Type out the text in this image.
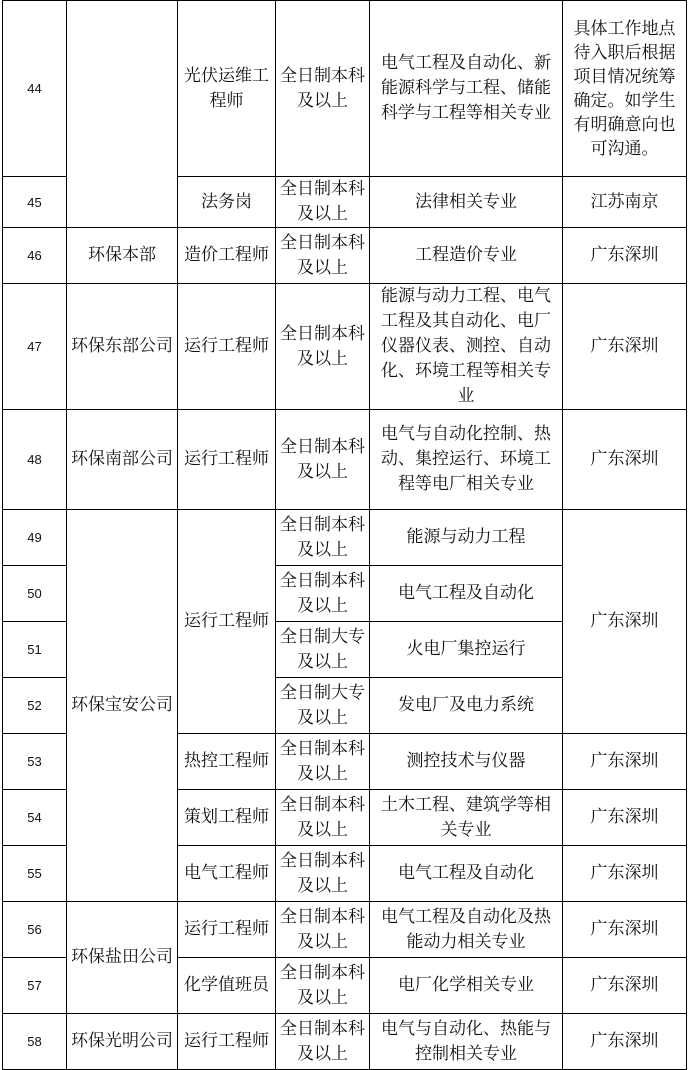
44		光伏运维工程师	全日制本科及以上	电气工程及自动化、新能源科学与工程、储能科学与工程等相关专业	具体工作地点待入职后根据项目情况统筹确定。如学生有明确意向也可沟通。
45		法务岗	全日制本科及以上	法律相关专业	江苏南京
46	环保本部	造价工程师	全日制本科及以上	工程造价专业	广东深圳
47	环保东部公司	运行工程师	全日制本科及以上	能源与动力工程、电气工程及其自动化、电厂仪器仪表、测控、自动化、环境工程等相关专业	广东深圳
48	环保南部公司	运行工程师	全日制本科及以上	电气与自动化控制、热动、集控运行、环境工程等电厂相关专业	广东深圳
49	环保宝安公司	运行工程师	全日制本科及以上	能源与动力工程	广东深圳
50			全日制本科及以上	电气工程及自动化	
51			全日制大专及以上	火电厂集控运行	
52			全日制大专及以上	发电厂及电力系统	
53		热控工程师	全日制本科及以上	测控技术与仪器	广东深圳
54		策划工程师	全日制本科及以上	土木工程、建筑学等相关专业	广东深圳
55		电气工程师	全日制本科及以上	电气工程及自动化	广东深圳
56	环保盐田公司	运行工程师	全日制本科及以上	电气工程及自动化及热能动力相关专业	广东深圳
57		化学值班员	全日制本科及以上	电厂化学相关专业	广东深圳
58	环保光明公司	运行工程师	全日制本科及以上	电气与自动化、热能与控制相关专业	广东深圳
